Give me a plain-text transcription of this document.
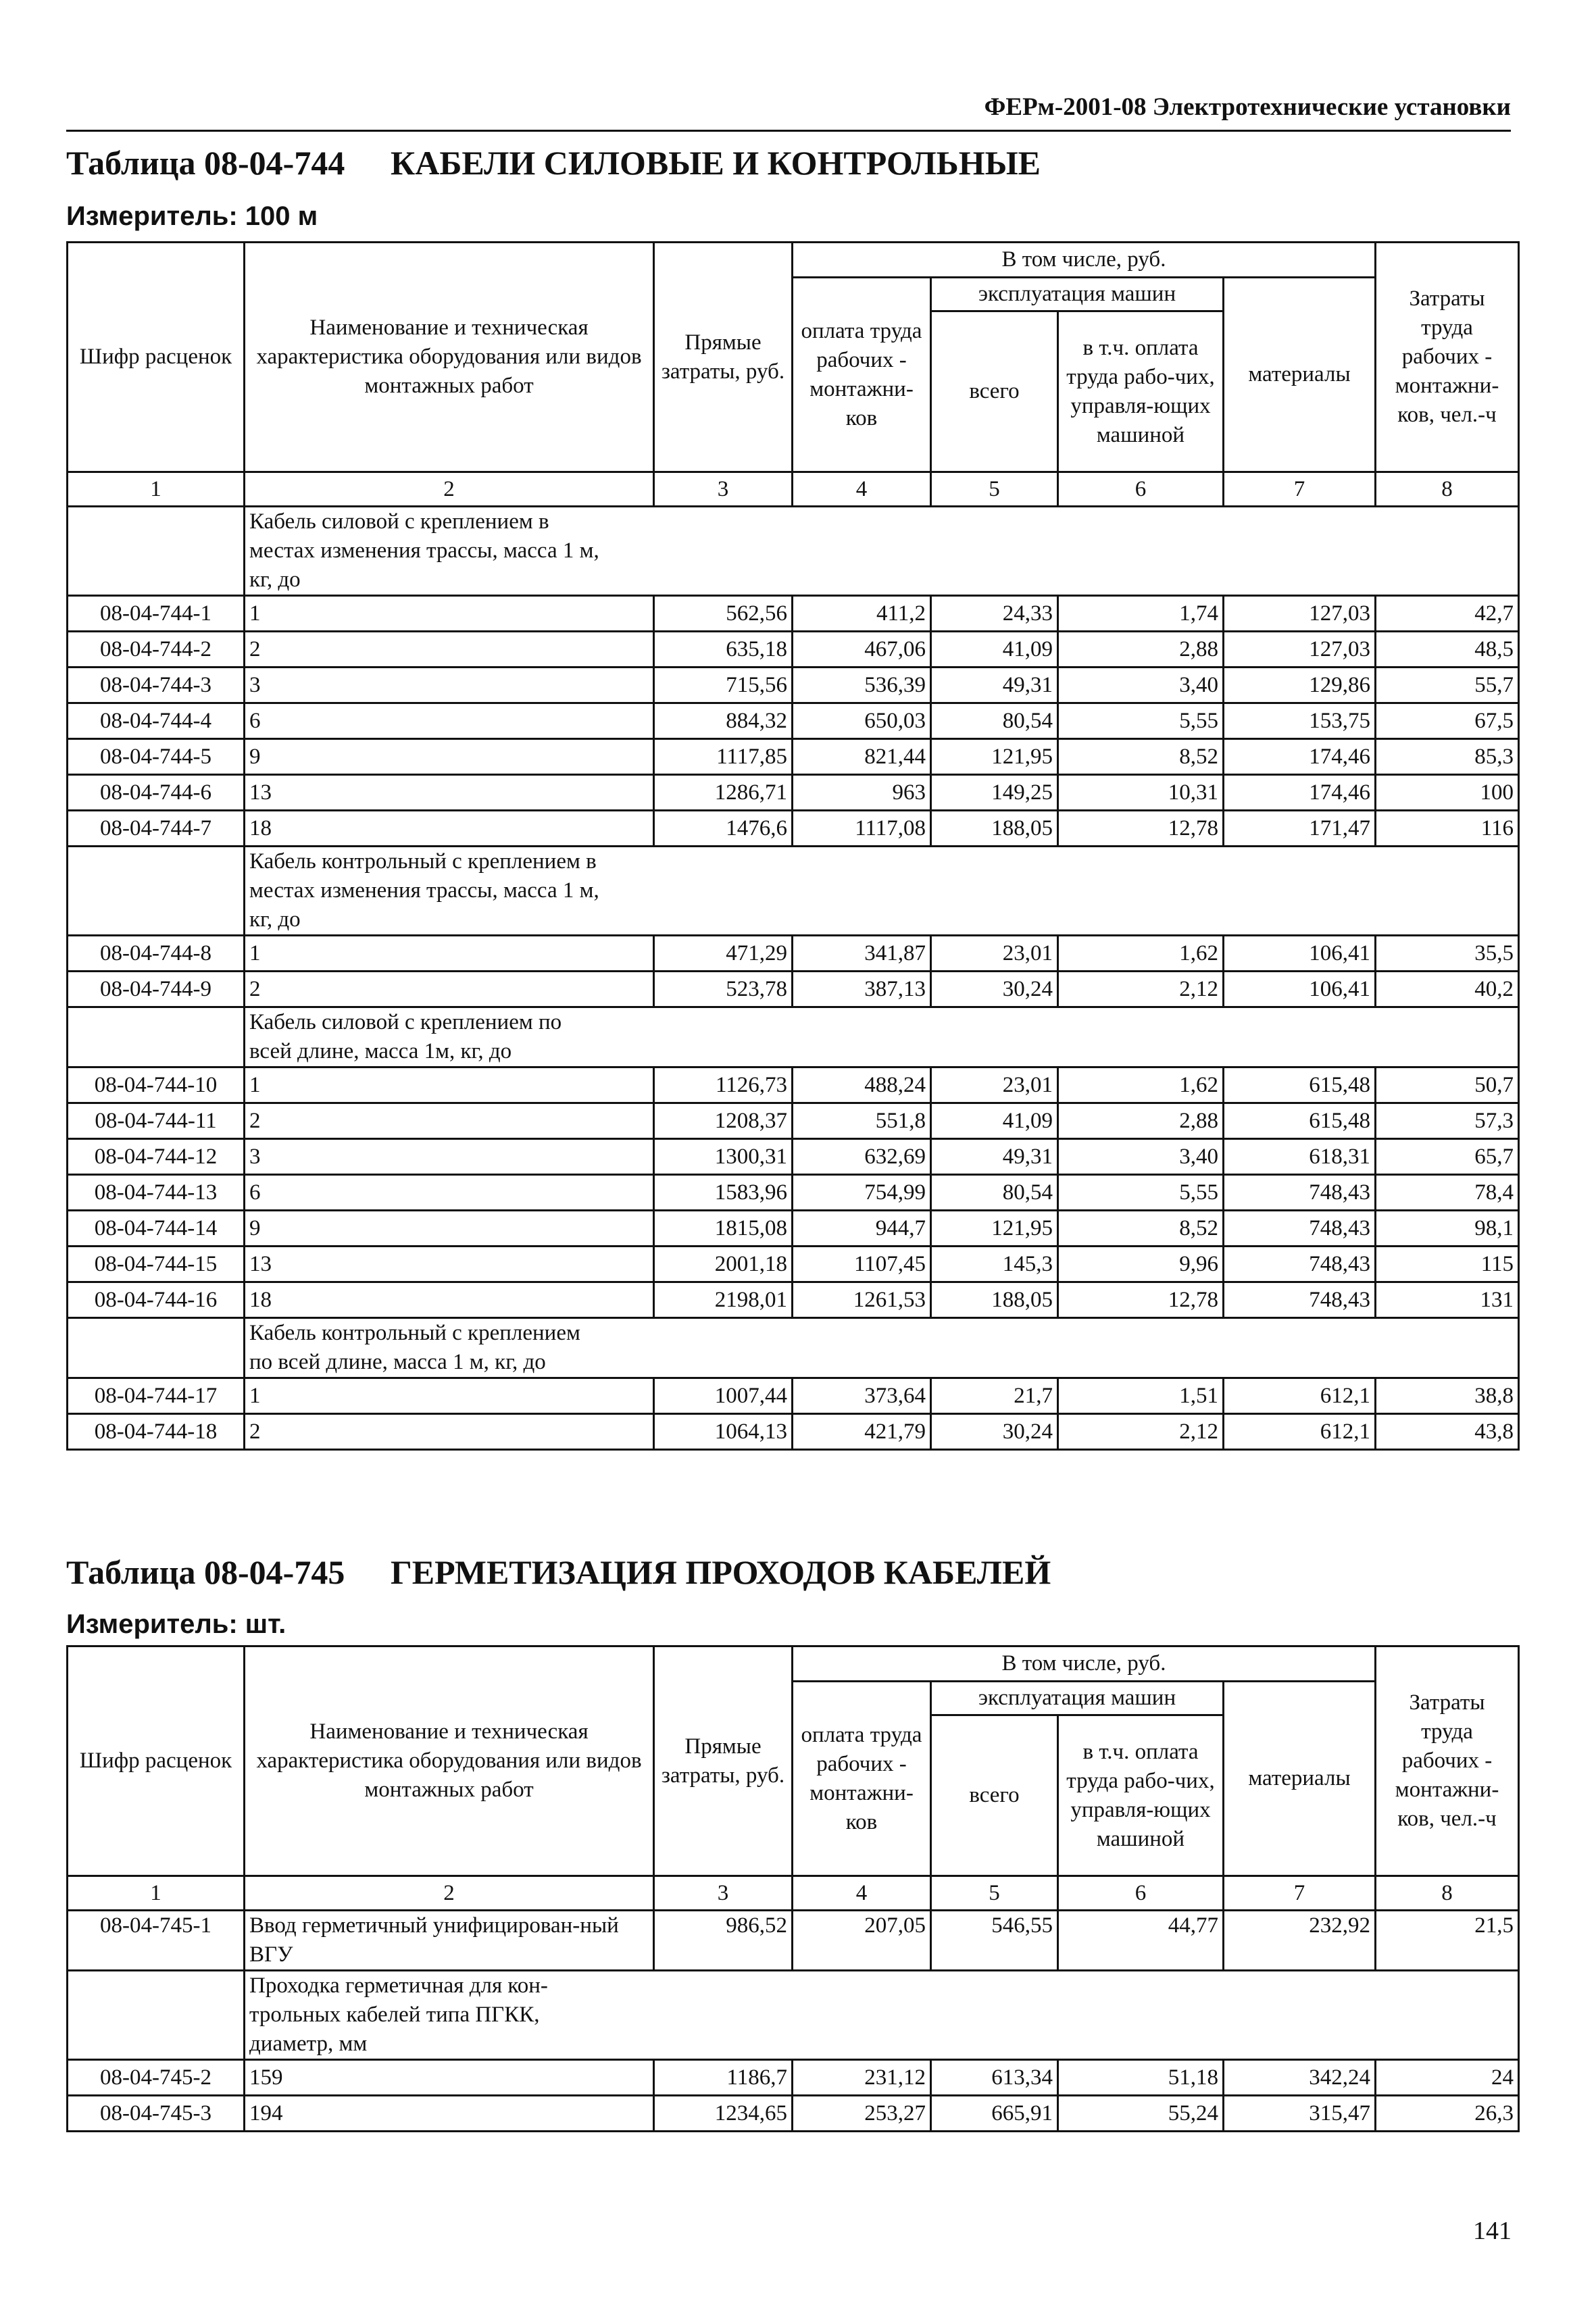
ФЕРм-2001-08 Электротехнические установки
Таблица 08-04-744 КАБЕЛИ СИЛОВЫЕ И КОНТРОЛЬНЫЕ
Измеритель: 100 м
Шифр расценок	Наименование и техническая характеристика оборудования или видов монтажных работ	Прямые затраты, руб.	В том числе, руб.				Затраты труда рабочих - монтажни-ков, чел.-ч
			оплата труда рабочих - монтажни-ков	эксплуатация машин		материалы	
				всего	в т.ч. оплата труда рабо-чих, управля-ющих машиной		
1	2	3	4	5	6	7	8

	Кабель силовой с креплением в местах изменения трассы, масса 1 м, кг, до						

08-04-744-1	1	562,56	411,2	24,33	1,74	127,03	42,7
08-04-744-2	2	635,18	467,06	41,09	2,88	127,03	48,5
08-04-744-3	3	715,56	536,39	49,31	3,40	129,86	55,7
08-04-744-4	6	884,32	650,03	80,54	5,55	153,75	67,5
08-04-744-5	9	1117,85	821,44	121,95	8,52	174,46	85,3
08-04-744-6	13	1286,71	963	149,25	10,31	174,46	100
08-04-744-7	18	1476,6	1117,08	188,05	12,78	171,47	116

	Кабель контрольный с креплением в местах изменения трассы, масса 1 м, кг, до						

08-04-744-8	1	471,29	341,87	23,01	1,62	106,41	35,5
08-04-744-9	2	523,78	387,13	30,24	2,12	106,41	40,2

	Кабель силовой с креплением по всей длине, масса 1м, кг, до						

08-04-744-10	1	1126,73	488,24	23,01	1,62	615,48	50,7
08-04-744-11	2	1208,37	551,8	41,09	2,88	615,48	57,3
08-04-744-12	3	1300,31	632,69	49,31	3,40	618,31	65,7
08-04-744-13	6	1583,96	754,99	80,54	5,55	748,43	78,4
08-04-744-14	9	1815,08	944,7	121,95	8,52	748,43	98,1
08-04-744-15	13	2001,18	1107,45	145,3	9,96	748,43	115
08-04-744-16	18	2198,01	1261,53	188,05	12,78	748,43	131

	Кабель контрольный с креплением по всей длине, масса 1 м, кг, до						

08-04-744-17	1	1007,44	373,64	21,7	1,51	612,1	38,8
08-04-744-18	2	1064,13	421,79	30,24	2,12	612,1	43,8
Таблица 08-04-745 ГЕРМЕТИЗАЦИЯ ПРОХОДОВ КАБЕЛЕЙ
Измеритель: шт.
Шифр расценок	Наименование и техническая характеристика оборудования или видов монтажных работ	Прямые затраты, руб.	В том числе, руб.				Затраты труда рабочих - монтажни-ков, чел.-ч
			оплата труда рабочих - монтажни-ков	эксплуатация машин		материалы	
				всего	в т.ч. оплата труда рабо-чих, управля-ющих машиной		
1	2	3	4	5	6	7	8
08-04-745-1	Ввод герметичный унифицирован-ный ВГУ	986,52	207,05	546,55	44,77	232,92	21,5

	Проходка герметичная для кон-трольных кабелей типа ПГКК, диаметр, мм						

08-04-745-2	159	1186,7	231,12	613,34	51,18	342,24	24
08-04-745-3	194	1234,65	253,27	665,91	55,24	315,47	26,3
141
